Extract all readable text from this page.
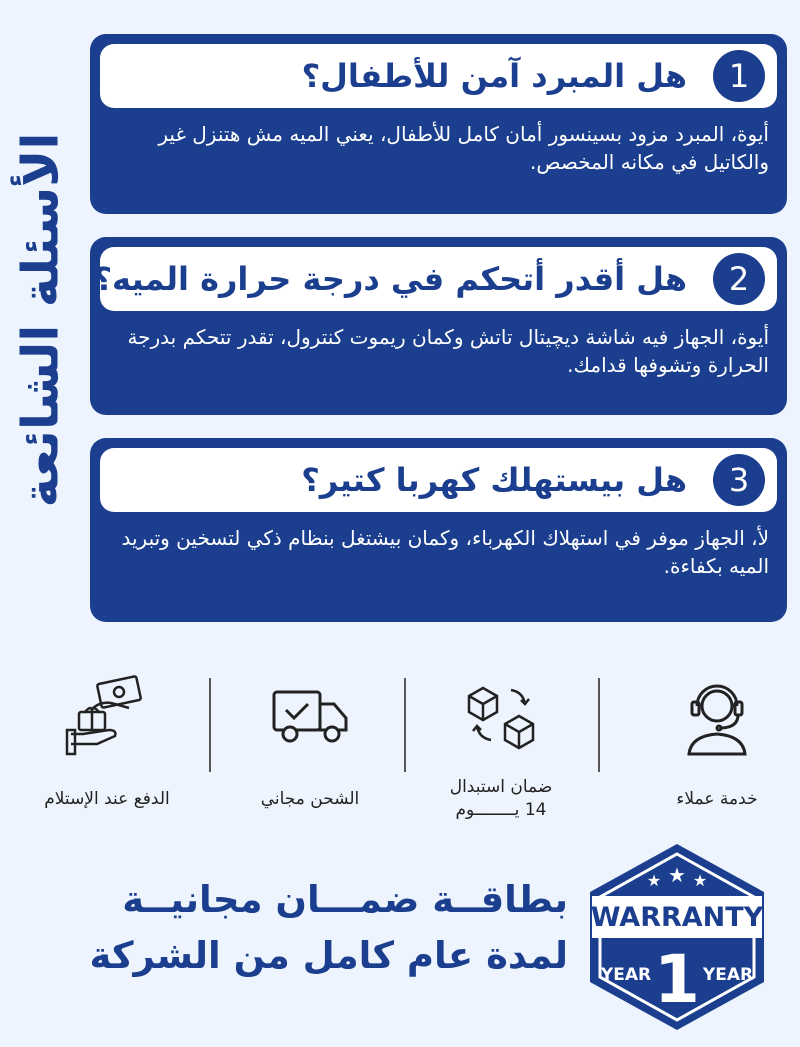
الأسئلة الشائعة
1
هل المبرد آمن للأطفال؟
أيوة، المبرد مزود بسينسور أمان كامل للأطفال، يعني الميه مش هتنزل غير والكاتيل في مكانه المخصص.
2
هل أقدر أتحكم في درجة حرارة الميه؟
أيوة، الجهاز فيه شاشة ديچيتال تاتش وكمان ريموت كنترول، تقدر تتحكم بدرجة الحرارة وتشوفها قدامك.
3
هل بيستهلك كهربا كتير؟
لأ، الجهاز موفر في استهلاك الكهرباء، وكمان بيشتغل بنظام ذكي لتسخين وتبريد الميه بكفاءة.
خدمة عملاء
ضمان استبدال
14 يــــــــوم
الشحن مجاني
الدفع عند الإستلام
بطاقــة ضمـــان مجانيــة
لمدة عام كامل من الشركة
★ ★ ★
WARRANTY
YEAR 1 YEAR
